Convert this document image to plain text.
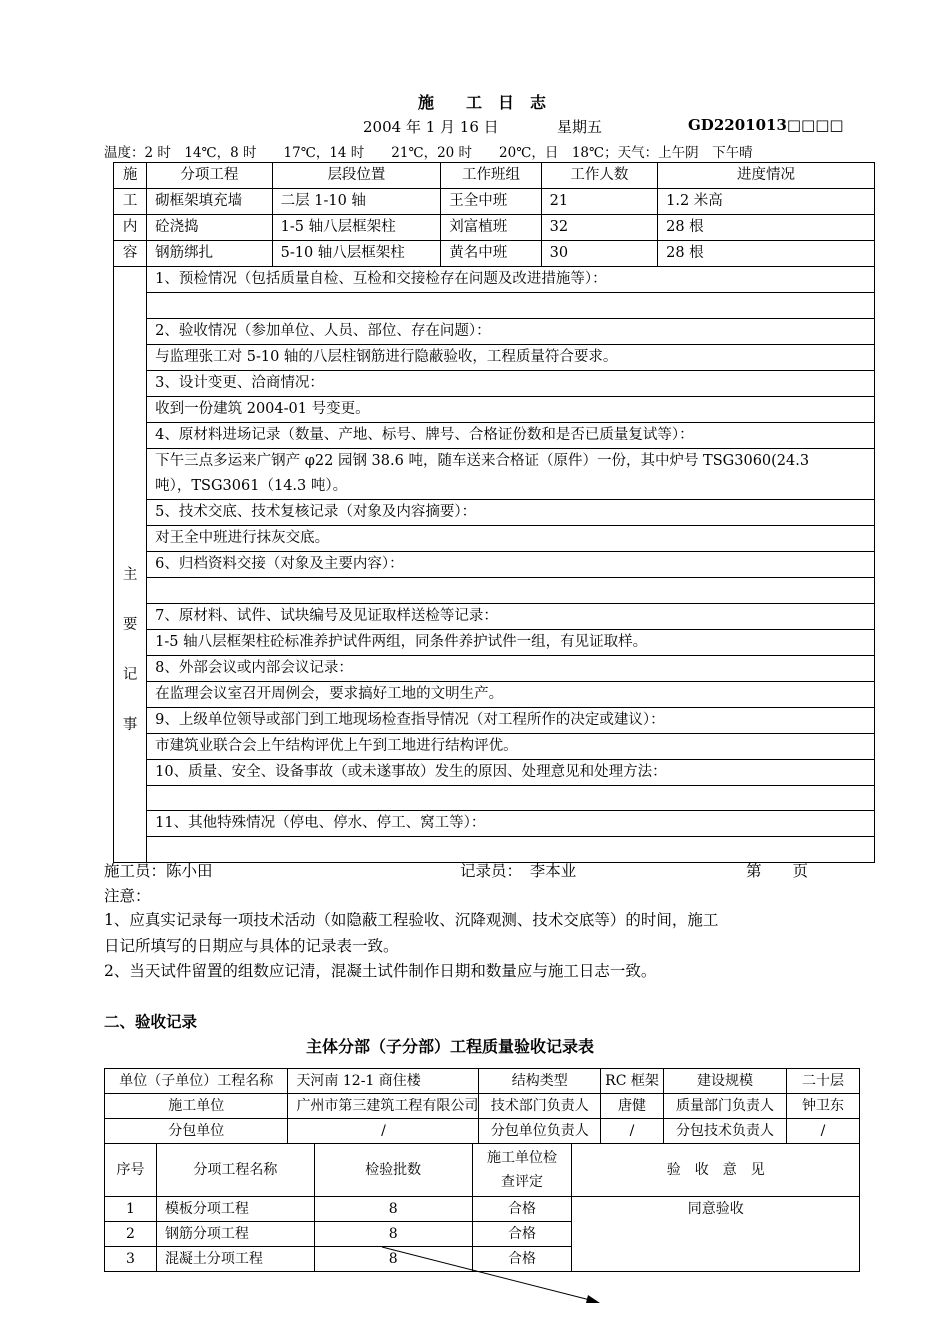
施　　工　日　志
2004 年 1 月 16 日	星期五	GD2201013□□□□
温度：2 时　14℃，8 时　　17℃，14 时　　21℃，20 时　　20℃，日　18℃；天气：上午阴　下午晴
施	分项工程	层段位置	工作班组	工作人数	进度情况
工	砌框架填充墙	二层 1-10 轴	王全中班	21	1.2 米高
内	砼浇捣	1-5 轴八层框架柱	刘富植班	32	28 根
容	钢筋绑扎	5-10 轴八层框架柱	黄名中班	30	28 根

主
要
记
事	1、预检情况（包括质量自检、互检和交接检存在问题及改进措施等）：				

	2、验收情况（参加单位、人员、部位、存在问题）：				
	与监理张工对 5-10 轴的八层柱钢筋进行隐蔽验收，工程质量符合要求。				
	3、设计变更、洽商情况：				
	收到一份建筑 2004-01 号变更。				
	4、原材料进场记录（数量、产地、标号、牌号、合格证份数和是否已质量复试等）：				
	下午三点多运来广钢产 φ22 园钢 38.6 吨，随车送来合格证（原件）一份，其中炉号 TSG3060(24.3				
	吨），TSG3061（14.3 吨）。				
	5、技术交底、技术复核记录（对象及内容摘要）：				
	对王全中班进行抹灰交底。				
	6、归档资料交接（对象及主要内容）：				

	7、原材料、试件、试块编号及见证取样送检等记录：				
	1-5 轴八层框架柱砼标准养护试件两组，同条件养护试件一组，有见证取样。				
	8、外部会议或内部会议记录：				
	在监理会议室召开周例会，要求搞好工地的文明生产。				
	9、上级单位领导或部门到工地现场检查指导情况（对工程所作的决定或建议）：				
	市建筑业联合会上午结构评优上午到工地进行结构评优。				
	10、质量、安全、设备事故（或未遂事故）发生的原因、处理意见和处理方法：				

	11、其他特殊情况（停电、停水、停工、窝工等）：				

施工员：陈小田	记录员：　李本业	第　　页
注意：
1、应真实记录每一项技术活动（如隐蔽工程验收、沉降观测、技术交底等）的时间，施工
日记所填写的日期应与具体的记录表一致。
2、当天试件留置的组数应记清，混凝土试件制作日期和数量应与施工日志一致。
二、验收记录
主体分部（子分部）工程质量验收记录表
单位（子单位）工程名称	天河南 12-1 商住楼	结构类型	RC 框架	建设规模	二十层
施工单位	广州市第三建筑工程有限公司	技术部门负责人	唐健	质量部门负责人	钟卫东
分包单位	/	分包单位负责人	/	分包技术负责人	/
序号	分项工程名称	检验批数	施工单位检
查评定	验　收　意　见
1	模板分项工程	8	合格	同意验收
2	钢筋分项工程	8	合格	
3	混凝土分项工程	8	合格	
